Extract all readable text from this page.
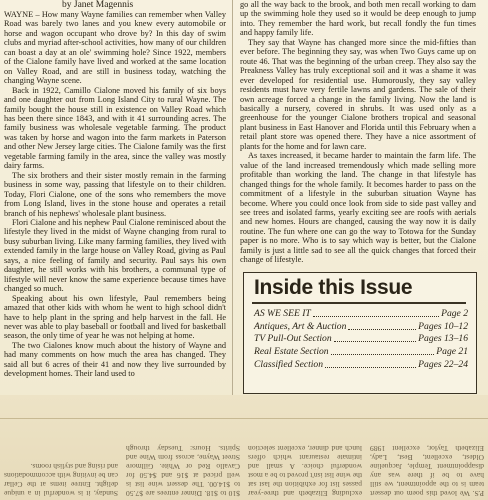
by Janet Magennis

WAYNE – How many Wayne families can remember when Valley Road was barely two lanes and you knew every automobile or horse and wagon occupant who drove by? In this day of swim clubs and myriad after-school activities, how many of our children can boast a day at an ole' swimming hole? Since 1922, members of the Cialone family have lived and worked at the same location on Valley Road, and are still in business today, watching the changing Wayne scene.

Back in 1922, Camillo Cialone moved his family of six boys and one daughter out from Long Island City to rural Wayne. The family bought the house still in existence on Valley Road which has been there since 1843, and with it 41 surrounding acres. The family business was wholesale vegetable farming. The product was taken by horse and wagon into the farm markets in Paterson and other New Jersey large cities. The Cialone family was the first vegetable farming family in the area, since the valley was mostly dairy farms.

The six brothers and their sister mostly remain in the farming business in some way, passing that lifestyle on to their children. Today, Flori Cialone, one of the sons who remembers the move from Long Island, lives in the stone house and operates a retail branch of his nephews' wholesale plant business.

Flori Cialone and his nephew Paul Cialone reminisced about the lifestyle they lived in the midst of Wayne changing from rural to busy suburban living. Like many farming families, they lived with extended family in the large house on Valley Road, giving as Paul says, a nice feeling of family and security. Paul says his own daughter, he still works with his brothers, a communal type of lifestyle will never know the same experience because times have changed so much.

Speaking about his own lifestyle, Paul remembers being amazed that other kids with whom he went to high school didn't have to help plant in the spring and help harvest in the fall. He never was able to play baseball or football and lived for basketball season, the only time of year he was not helping at home.

The two Cialones know much about the history of Wayne and had many comments on how much the area has changed. They said all but 6 acres of their 41 and now they live surrounded by development homes. Their land used to

go all the way back to the brook, and both men recall working to dam up the swimming hole they used so it would be deep enough to jump into. They remember the hard work, but recall fondly the fun times and happy family life.

They say that Wayne has changed more since the mid-fifties than ever before. The beginning they say, was when Two Guys came up on route 46. That was the beginning of the urban creep. They also say the Preakness Valley has truly exceptional soil and it was a shame it was ever developed for residential use. Humorously, they say valley residents must have very fertile lawns and gardens. The sale of their own acreage forced a change in the family living. Now the land is basically a nursery, covered in shrubs. It was used only as a greenhouse for the younger Cialone brothers tropical and seasonal plant business in East Hanover and Florida until this February when a retail plant store was opened there. They have a nice assortment of plants for the home and for lawn care.

As taxes increased, it became harder to maintain the farm life. The value of the land increased tremendously which made selling more profitable than working the land. The change in that lifestyle has changed things for the whole family. It becomes harder to pass on the commitment of a lifestyle in the suburban situation Wayne has become. Where you could once look from side to side past valley and see trees and isolated farms, yearly exciting see are roofs with aerials and new homes. Hours are changed, causing the way now it is daily routine. The fun where one can go the way to Totowa for the Sunday paper is no more. Who is to say which way is better, but the Cialone family is just a little sad to see all the quick changes that forced their change of lifestyle.

Inside this Issue
AS WE SEE IT	Page 2
Antiques, Art & Auction	Pages 10–12
TV Pull-Out Section	Pages 13–16
Real Estate Section	Page 21
Classified Section	Pages 22–24
P.S. We loved this poem out dessert team is to the appointment, we still have to be if there was any disappointment Temple, Jacqueline Oldest, excellent, Best, Lady, Elizabeth Taylor, excellent 1989 excluding Elizabeth and three-year passes list for exhibition the last sat the wine list isn't proved to be a most wonderful choice. A small and intimate restaurant which offers lunch and dinner, excellent selection $10 to $18. Dinner entrees are $7.50 to $14.00. The dessert wine list is well priced at $16 and $4.50 for Cavallo Red or White. Gillmore Street Wayne, across from Wine and Spirits. Hours: Tuesday through Sunday, it is wonderful in a unique delight. Entree items at the Cellar can be inviting with accommodations and rising and stylish rooms.
